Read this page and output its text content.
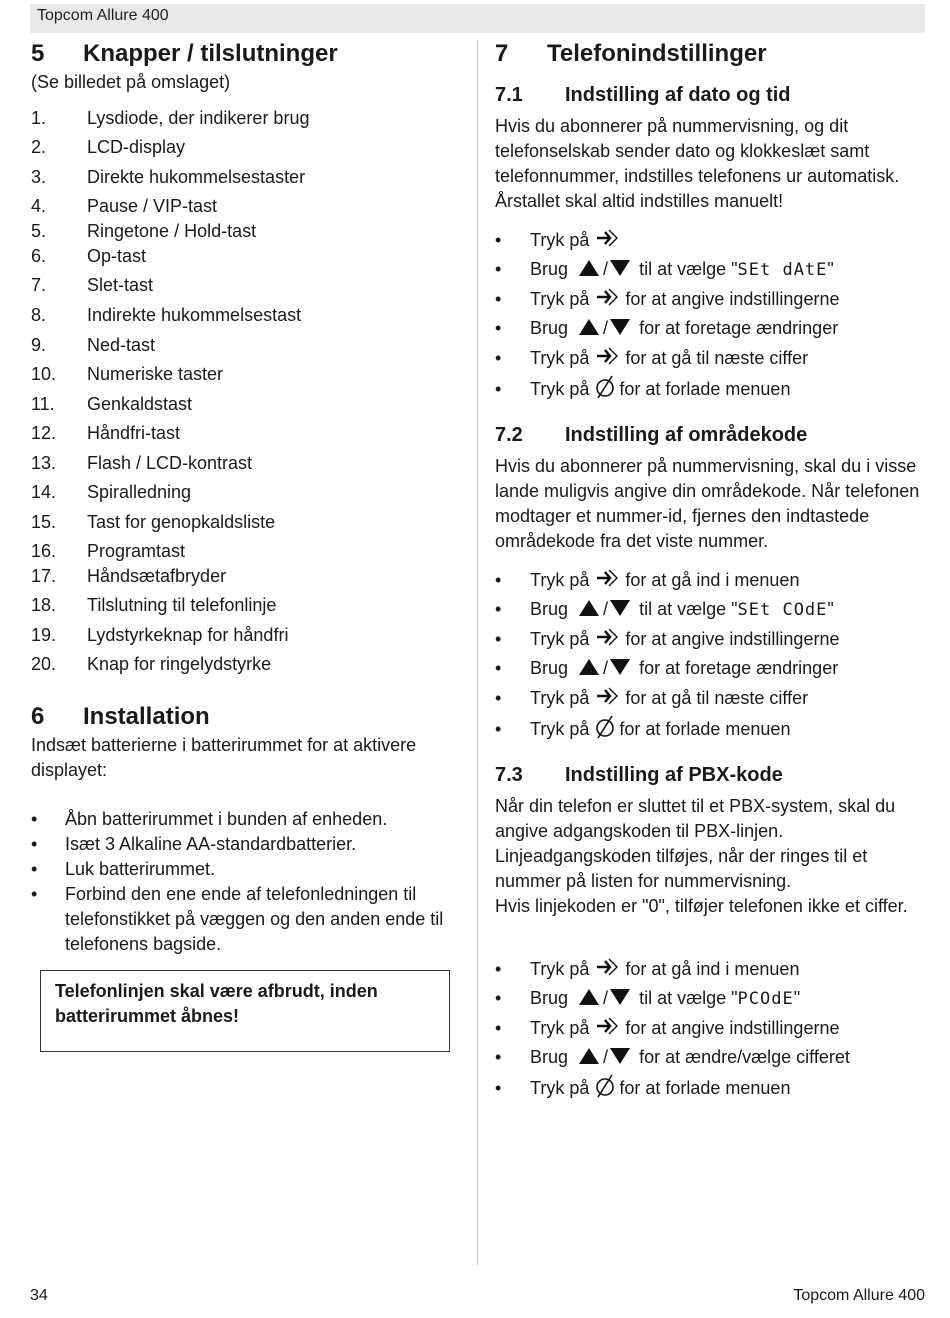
Topcom Allure 400
5 Knapper / tilslutninger

(Se billedet på omslaget)

1. Lysdiode, der indikerer brug
2. LCD-display
3. Direkte hukommelsestaster
4. Pause / VIP-tast
5. Ringetone / Hold-tast
6. Op-tast
7. Slet-tast
8. Indirekte hukommelsestast
9. Ned-tast
10. Numeriske taster
11. Genkaldstast
12. Håndfri-tast
13. Flash / LCD-kontrast
14. Spiralledning
15. Tast for genopkaldsliste
16. Programtast
17. Håndsætafbryder
18. Tilslutning til telefonlinje
19. Lydstyrkeknap for håndfri
20. Knap for ringelydstyrke
6 Installation

Indsæt batterierne i batterirummet for at aktivere displayet:

• Åbn batterirummet i bunden af enheden.
• Isæt 3 Alkaline AA-standardbatterier.
• Luk batterirummet.
•	Forbind den ene ende af telefonledningen til telefonstikket på væggen og den anden ende til telefonens bagside.
Telefonlinjen skal være afbrudt, inden batterirummet åbnes!
7 Telefonindstillinger
7.1 Indstilling af dato og tid

Hvis du abonnerer på nummervisning, og dit telefonselskab sender dato og klokkeslæt samt telefonnummer, indstilles telefonens ur automatisk. Årstallet skal altid indstilles manuelt!

• Tryk på
• Brug / til at vælge "SEt dAtE"
• Tryk på for at angive indstillingerne
• Brug / for at foretage ændringer
• Tryk på for at gå til næste ciffer
• Tryk på for at forlade menuen
7.2 Indstilling af områdekode

Hvis du abonnerer på nummervisning, skal du i visse lande muligvis angive din områdekode. Når telefonen modtager et nummer-id, fjernes den indtastede områdekode fra det viste nummer.

• Tryk på for at gå ind i menuen
• Brug / til at vælge "SEt COdE"
• Tryk på for at angive indstillingerne
• Brug / for at foretage ændringer
• Tryk på for at gå til næste ciffer
• Tryk på for at forlade menuen
7.3 Indstilling af PBX-kode

Når din telefon er sluttet til et PBX-system, skal du angive adgangskoden til PBX-linjen. Linjeadgangskoden tilføjes, når der ringes til et nummer på listen for nummervisning.

Hvis linjekoden er "0", tilføjer telefonen ikke et ciffer.

• Tryk på for at gå ind i menuen
• Brug / til at vælge "PCOdE"
• Tryk på for at angive indstillingerne
• Brug / for at ændre/vælge cifferet
• Tryk på for at forlade menuen
34	Topcom Allure 400
